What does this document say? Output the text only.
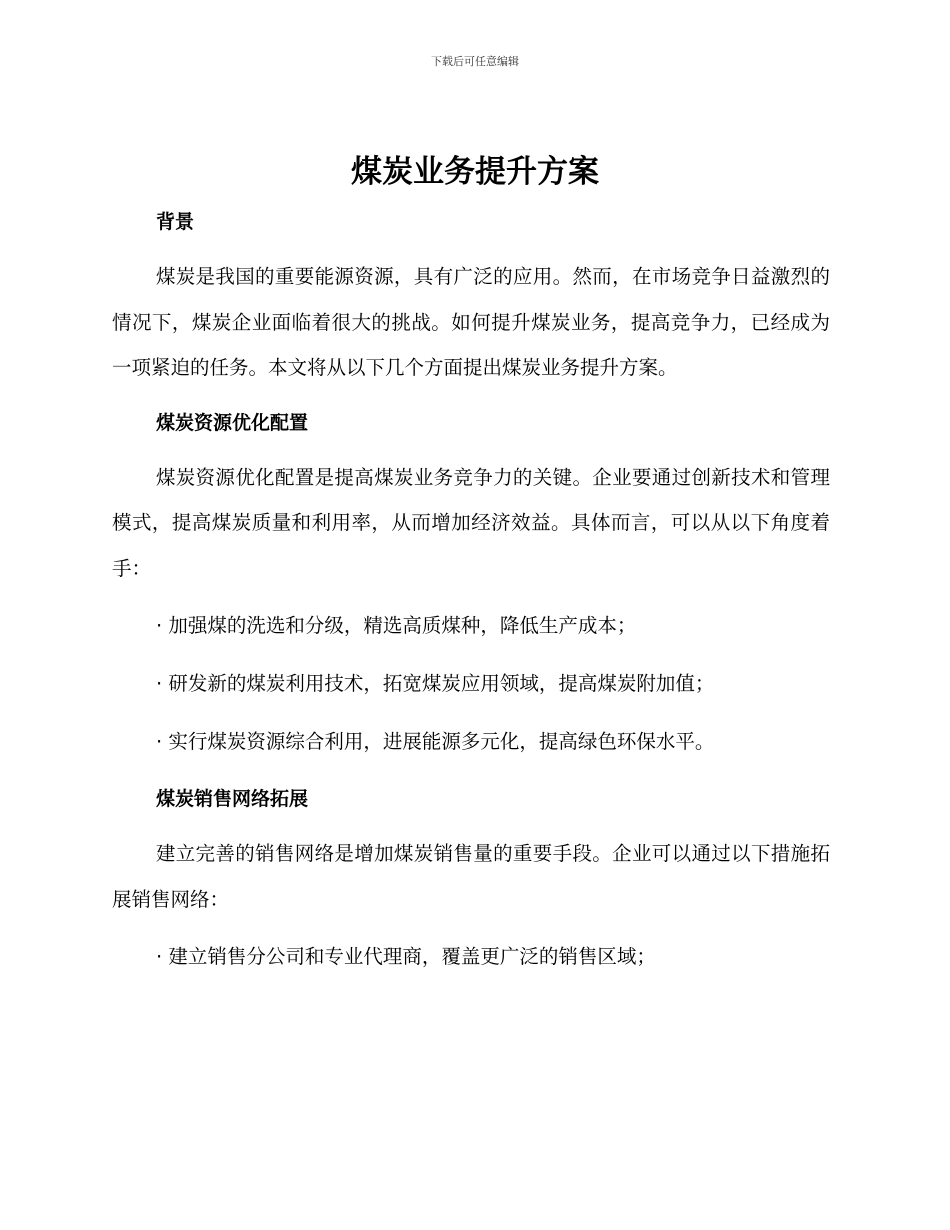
下载后可任意编辑
煤炭业务提升方案
背景

煤炭是我国的重要能源资源，具有广泛的应用。然而，在市场竞争日益激烈的情况下，煤炭企业面临着很大的挑战。如何提升煤炭业务，提高竞争力，已经成为一项紧迫的任务。本文将从以下几个方面提出煤炭业务提升方案。

煤炭资源优化配置

煤炭资源优化配置是提高煤炭业务竞争力的关键。企业要通过创新技术和管理模式，提高煤炭质量和利用率，从而增加经济效益。具体而言，可以从以下角度着手：

· 加强煤的洗选和分级，精选高质煤种，降低生产成本；
· 研发新的煤炭利用技术，拓宽煤炭应用领域，提高煤炭附加值；
· 实行煤炭资源综合利用，进展能源多元化，提高绿色环保水平。
煤炭销售网络拓展

建立完善的销售网络是增加煤炭销售量的重要手段。企业可以通过以下措施拓展销售网络：

· 建立销售分公司和专业代理商，覆盖更广泛的销售区域；
